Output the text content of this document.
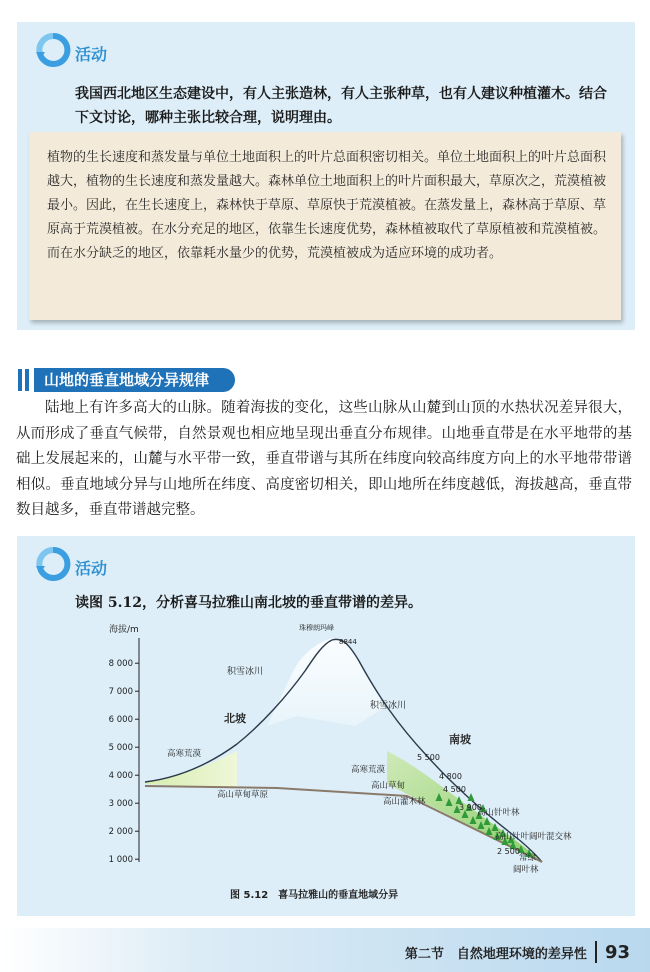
活动
我国西北地区生态建设中，有人主张造林，有人主张种草，也有人建议种植灌木。结合下文讨论，哪种主张比较合理，说明理由。
植物的生长速度和蒸发量与单位土地面积上的叶片总面积密切相关。单位土地面积上的叶片总面积越大，植物的生长速度和蒸发量越大。森林单位土地面积上的叶片面积最大，草原次之，荒漠植被最小。因此，在生长速度上，森林快于草原、草原快于荒漠植被。在蒸发量上，森林高于草原、草原高于荒漠植被。在水分充足的地区，依靠生长速度优势，森林植被取代了草原植被和荒漠植被。而在水分缺乏的地区，依靠耗水量少的优势，荒漠植被成为适应环境的成功者。
山地的垂直地域分异规律
陆地上有许多高大的山脉。随着海拔的变化，这些山脉从山麓到山顶的水热状况差异很大，从而形成了垂直气候带，自然景观也相应地呈现出垂直分布规律。山地垂直带是在水平地带的基础上发展起来的，山麓与水平带一致，垂直带谱与其所在纬度向较高纬度方向上的水平地带带谱相似。垂直地域分异与山地所在纬度、高度密切相关，即山地所在纬度越低，海拔越高，垂直带数目越多，垂直带谱越完整。
活动
读图 5.12，分析喜马拉雅山南北坡的垂直带谱的差异。
海拔/m
1 000
2 000
3 000
4 000
5 000
6 000
7 000
8 000
珠穆朗玛峰
8844
积雪冰川
积雪冰川
北坡
南坡
高寒荒漠
高山草甸草原
高寒荒漠
高山草甸
高山灌木林
高山针叶林
高山针叶阔叶混交林
常绿
阔叶林
5 500
4 800
4 500
3 900
2 500
图 5.12　喜马拉雅山的垂直地域分异
第二节　自然地理环境的差异性 93
